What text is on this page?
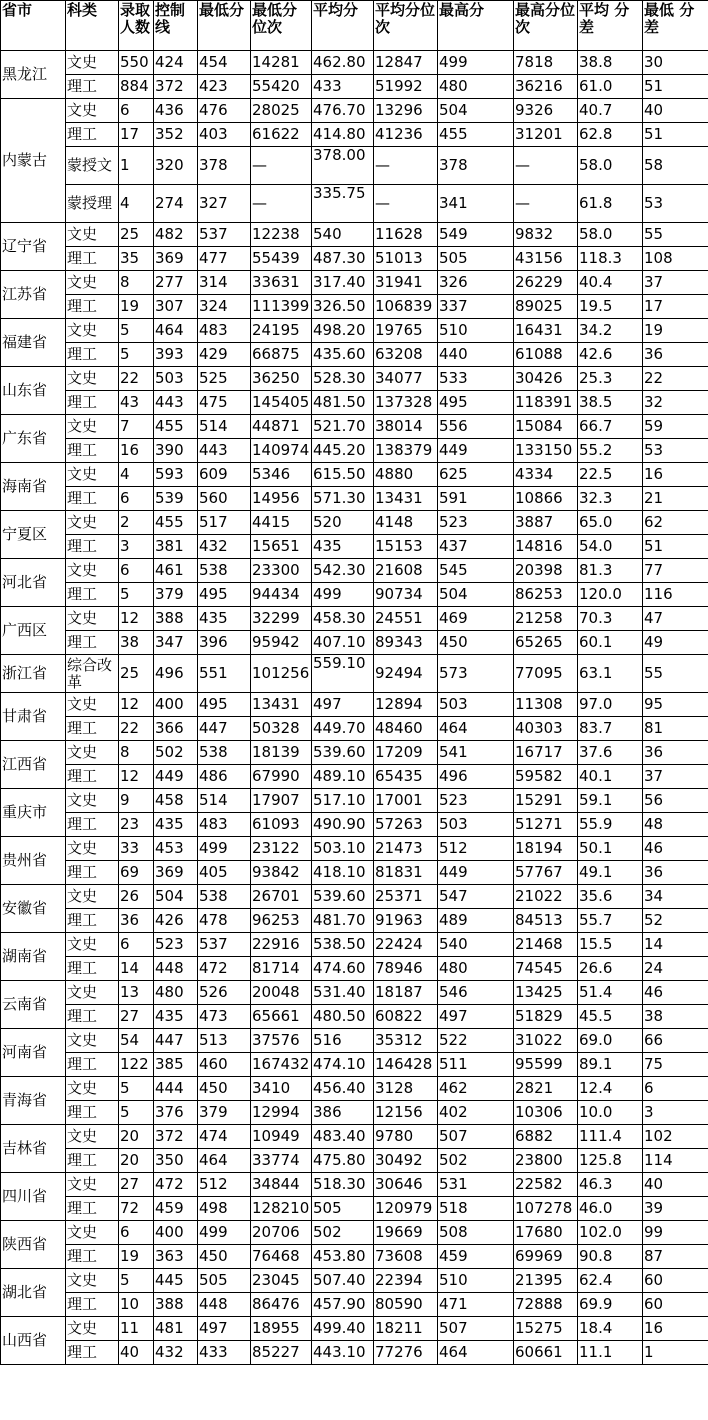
省市	科类	录取人数	控制线	最低分	最低分位次	平均分	平均分位次	最高分	最高分位次	平均 分差	最低 分差
黑龙江	文史	550	424	454	14281	462.80	12847	499	7818	38.8	30
	理工	884	372	423	55420	433	51992	480	36216	61.0	51
内蒙古	文史	6	436	476	28025	476.70	13296	504	9326	40.7	40
	理工	17	352	403	61622	414.80	41236	455	31201	62.8	51
	蒙授文	1	320	378	—	378.00	—	378	—	58.0	58
	蒙授理	4	274	327	—	335.75	—	341	—	61.8	53
辽宁省	文史	25	482	537	12238	540	11628	549	9832	58.0	55
	理工	35	369	477	55439	487.30	51013	505	43156	118.3	108
江苏省	文史	8	277	314	33631	317.40	31941	326	26229	40.4	37
	理工	19	307	324	111399	326.50	106839	337	89025	19.5	17
福建省	文史	5	464	483	24195	498.20	19765	510	16431	34.2	19
	理工	5	393	429	66875	435.60	63208	440	61088	42.6	36
山东省	文史	22	503	525	36250	528.30	34077	533	30426	25.3	22
	理工	43	443	475	145405	481.50	137328	495	118391	38.5	32
广东省	文史	7	455	514	44871	521.70	38014	556	15084	66.7	59
	理工	16	390	443	140974	445.20	138379	449	133150	55.2	53
海南省	文史	4	593	609	5346	615.50	4880	625	4334	22.5	16
	理工	6	539	560	14956	571.30	13431	591	10866	32.3	21
宁夏区	文史	2	455	517	4415	520	4148	523	3887	65.0	62
	理工	3	381	432	15651	435	15153	437	14816	54.0	51
河北省	文史	6	461	538	23300	542.30	21608	545	20398	81.3	77
	理工	5	379	495	94434	499	90734	504	86253	120.0	116
广西区	文史	12	388	435	32299	458.30	24551	469	21258	70.3	47
	理工	38	347	396	95942	407.10	89343	450	65265	60.1	49
浙江省	综合改革	25	496	551	101256	559.10	92494	573	77095	63.1	55
甘肃省	文史	12	400	495	13431	497	12894	503	11308	97.0	95
	理工	22	366	447	50328	449.70	48460	464	40303	83.7	81
江西省	文史	8	502	538	18139	539.60	17209	541	16717	37.6	36
	理工	12	449	486	67990	489.10	65435	496	59582	40.1	37
重庆市	文史	9	458	514	17907	517.10	17001	523	15291	59.1	56
	理工	23	435	483	61093	490.90	57263	503	51271	55.9	48
贵州省	文史	33	453	499	23122	503.10	21473	512	18194	50.1	46
	理工	69	369	405	93842	418.10	81831	449	57767	49.1	36
安徽省	文史	26	504	538	26701	539.60	25371	547	21022	35.6	34
	理工	36	426	478	96253	481.70	91963	489	84513	55.7	52
湖南省	文史	6	523	537	22916	538.50	22424	540	21468	15.5	14
	理工	14	448	472	81714	474.60	78946	480	74545	26.6	24
云南省	文史	13	480	526	20048	531.40	18187	546	13425	51.4	46
	理工	27	435	473	65661	480.50	60822	497	51829	45.5	38
河南省	文史	54	447	513	37576	516	35312	522	31022	69.0	66
	理工	122	385	460	167432	474.10	146428	511	95599	89.1	75
青海省	文史	5	444	450	3410	456.40	3128	462	2821	12.4	6
	理工	5	376	379	12994	386	12156	402	10306	10.0	3
吉林省	文史	20	372	474	10949	483.40	9780	507	6882	111.4	102
	理工	20	350	464	33774	475.80	30492	502	23800	125.8	114
四川省	文史	27	472	512	34844	518.30	30646	531	22582	46.3	40
	理工	72	459	498	128210	505	120979	518	107278	46.0	39
陕西省	文史	6	400	499	20706	502	19669	508	17680	102.0	99
	理工	19	363	450	76468	453.80	73608	459	69969	90.8	87
湖北省	文史	5	445	505	23045	507.40	22394	510	21395	62.4	60
	理工	10	388	448	86476	457.90	80590	471	72888	69.9	60
山西省	文史	11	481	497	18955	499.40	18211	507	15275	18.4	16
	理工	40	432	433	85227	443.10	77276	464	60661	11.1	1
